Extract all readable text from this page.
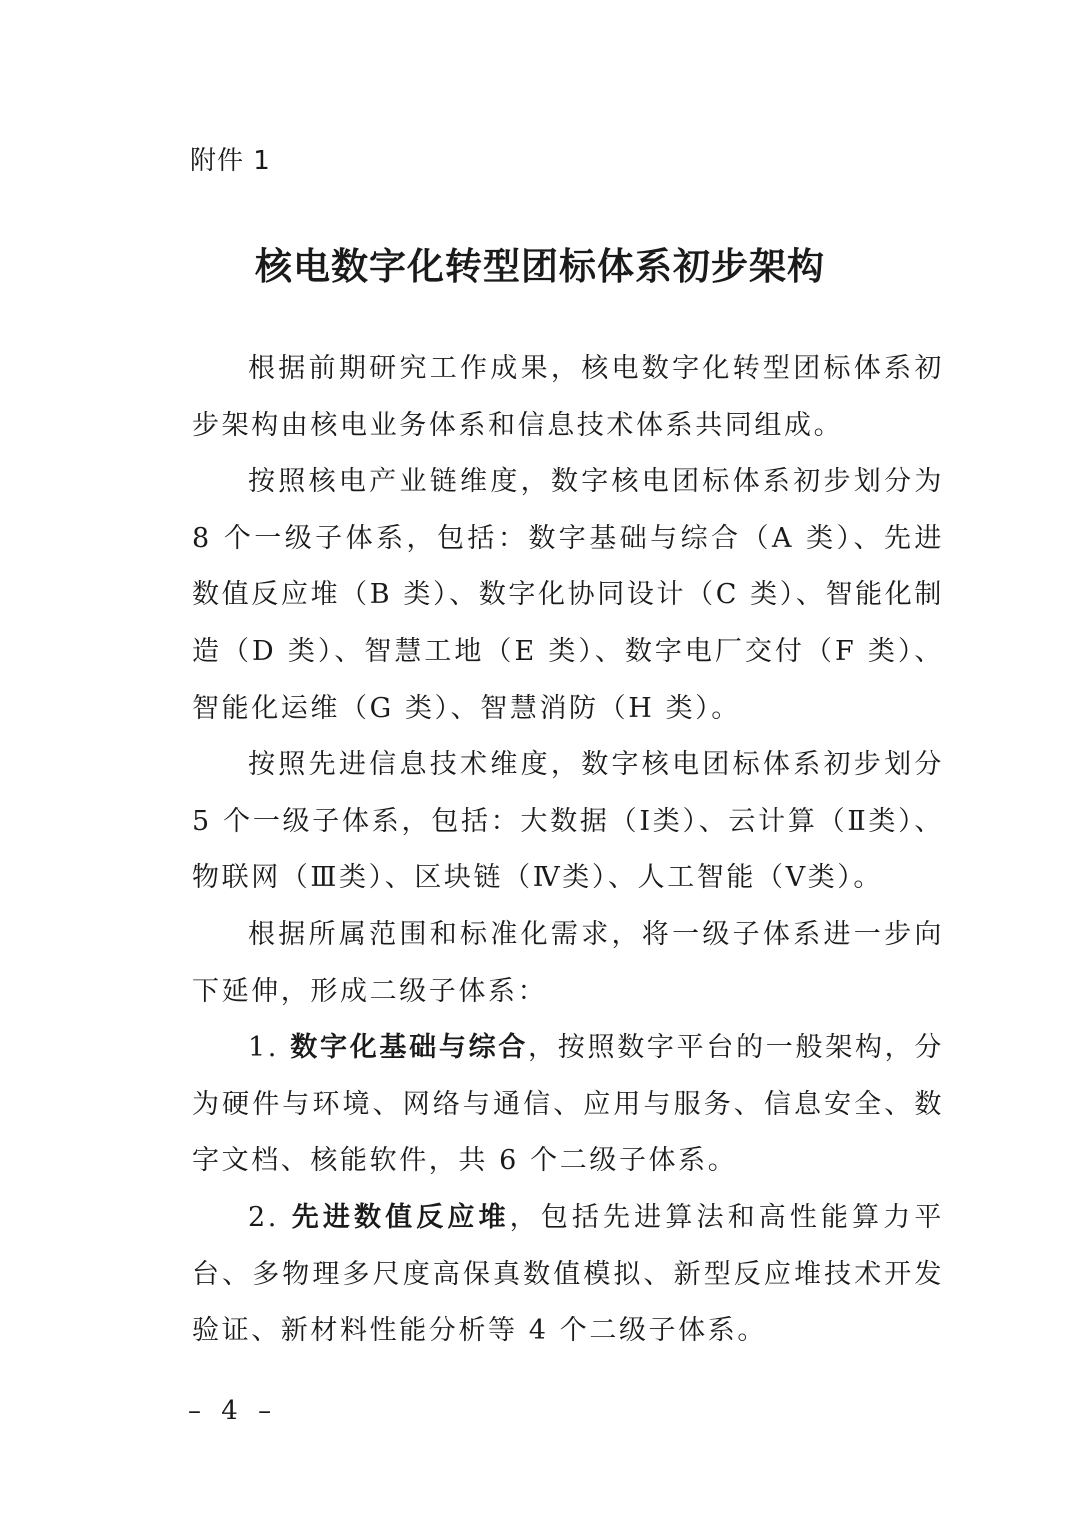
附件 1
核电数字化转型团标体系初步架构

根据前期研究工作成果，核电数字化转型团标体系初步架构由核电业务体系和信息技术体系共同组成。

按照核电产业链维度，数字核电团标体系初步划分为 8 个一级子体系，包括：数字基础与综合（A 类）、先进数值反应堆（B 类）、数字化协同设计（C 类）、智能化制造（D 类）、智慧工地（E 类）、数字电厂交付（F 类）、智能化运维（G 类）、智慧消防（H 类）。

按照先进信息技术维度，数字核电团标体系初步划分 5 个一级子体系，包括：大数据（Ⅰ类）、云计算（Ⅱ类）、物联网（Ⅲ类）、区块链（Ⅳ类）、人工智能（Ⅴ类）。

根据所属范围和标准化需求，将一级子体系进一步向下延伸，形成二级子体系：

1. 数字化基础与综合，按照数字平台的一般架构，分为硬件与环境、网络与通信、应用与服务、信息安全、数字文档、核能软件，共 6 个二级子体系。

2. 先进数值反应堆，包括先进算法和高性能算力平台、多物理多尺度高保真数值模拟、新型反应堆技术开发验证、新材料性能分析等 4 个二级子体系。

– 4 –
